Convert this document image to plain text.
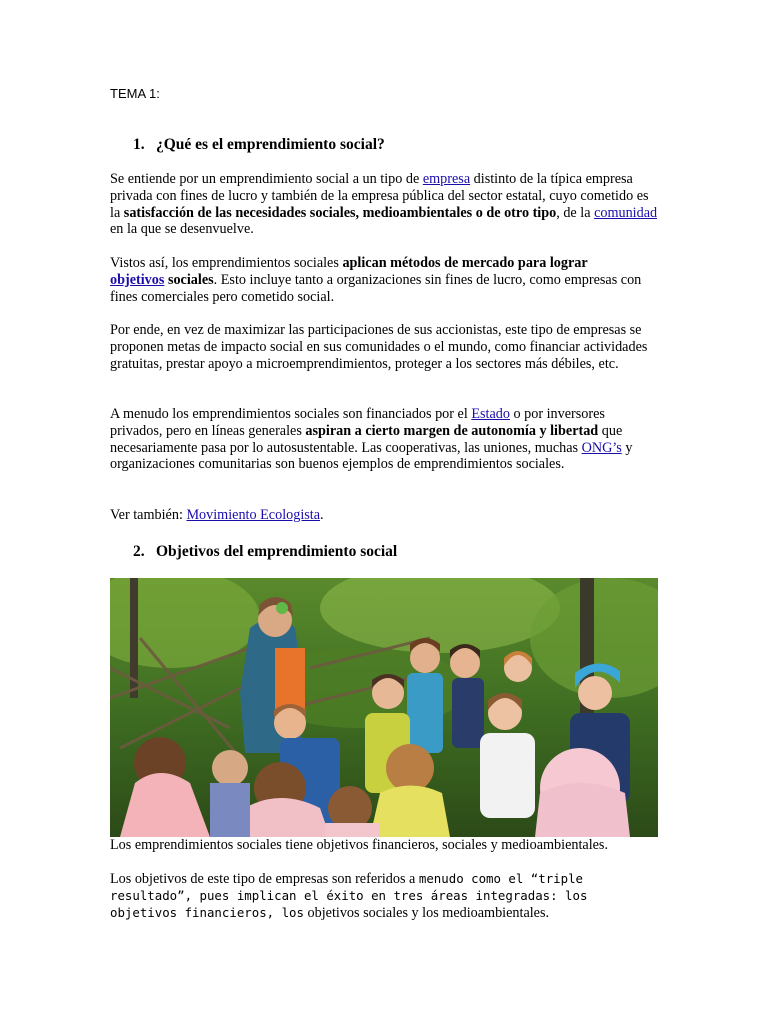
TEMA 1:
1. ¿Qué es el emprendimiento social?
Se entiende por un emprendimiento social a un tipo de empresa distinto de la típica empresa privada con fines de lucro y también de la empresa pública del sector estatal, cuyo cometido es la satisfacción de las necesidades sociales, medioambientales o de otro tipo, de la comunidad en la que se desenvuelve.
Vistos así, los emprendimientos sociales aplican métodos de mercado para lograr
objetivos sociales. Esto incluye tanto a organizaciones sin fines de lucro, como empresas con fines comerciales pero cometido social.
Por ende, en vez de maximizar las participaciones de sus accionistas, este tipo de empresas se proponen metas de impacto social en sus comunidades o el mundo, como financiar actividades gratuitas, prestar apoyo a microemprendimientos, proteger a los sectores más débiles, etc.
A menudo los emprendimientos sociales son financiados por el Estado o por inversores privados, pero en líneas generales aspiran a cierto margen de autonomía y libertad que necesariamente pasa por lo autosustentable. Las cooperativas, las uniones, muchas ONG’s y organizaciones comunitarias son buenos ejemplos de emprendimientos sociales.
Ver también: Movimiento Ecologista.
2. Objetivos del emprendimiento social
Los emprendimientos sociales tiene objetivos financieros, sociales y medioambientales.
Los objetivos de este tipo de empresas son referidos a menudo como el “triple resultado”, pues implican el éxito en tres áreas integradas: los objetivos financieros, los objetivos sociales y los medioambientales.
